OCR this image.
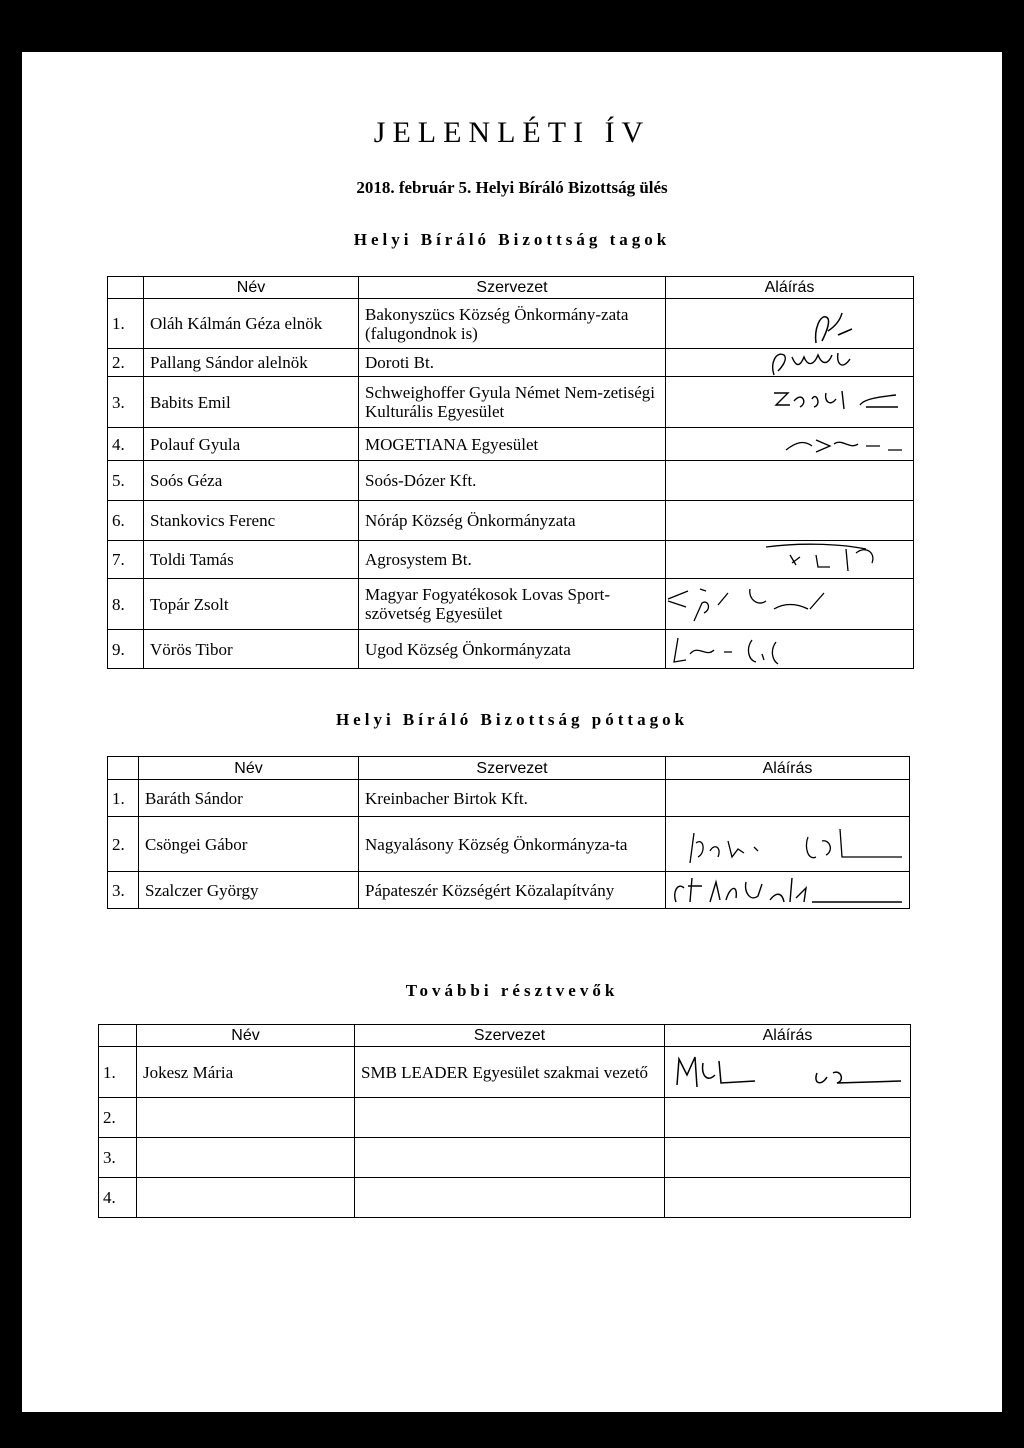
JELENLÉTI ÍV
2018. február 5. Helyi Bíráló Bizottság ülés
Helyi Bíráló Bizottság tagok
	Név	Szervezet	Aláírás
1.	Oláh Kálmán Géza elnök	Bakonyszücs Község Önkormány-zata (falugondnok is)	

2.	Pallang Sándor alelnök	Doroti Bt.	

3.	Babits Emil	Schweighoffer Gyula Német Nem-zetiségi Kulturális Egyesület	

4.	Polauf Gyula	MOGETIANA Egyesület	

5.	Soós Géza	Soós-Dózer Kft.	
6.	Stankovics Ferenc	Nóráp Község Önkormányzata	
7.	Toldi Tamás	Agrosystem Bt.	

8.	Topár Zsolt	Magyar Fogyatékosok Lovas Sport-szövetség Egyesület	

9.	Vörös Tibor	Ugod Község Önkormányzata	
Helyi Bíráló Bizottság póttagok
	Név	Szervezet	Aláírás
1.	Baráth Sándor	Kreinbacher Birtok Kft.	
2.	Csöngei Gábor	Nagyalásony Község Önkormányza-ta	

3.	Szalczer György	Pápateszér Községért Közalapítvány	
További résztvevők
	Név	Szervezet	Aláírás
1.	Jokesz Mária	SMB LEADER Egyesület szakmai vezető	

2.			
3.			
4.			
